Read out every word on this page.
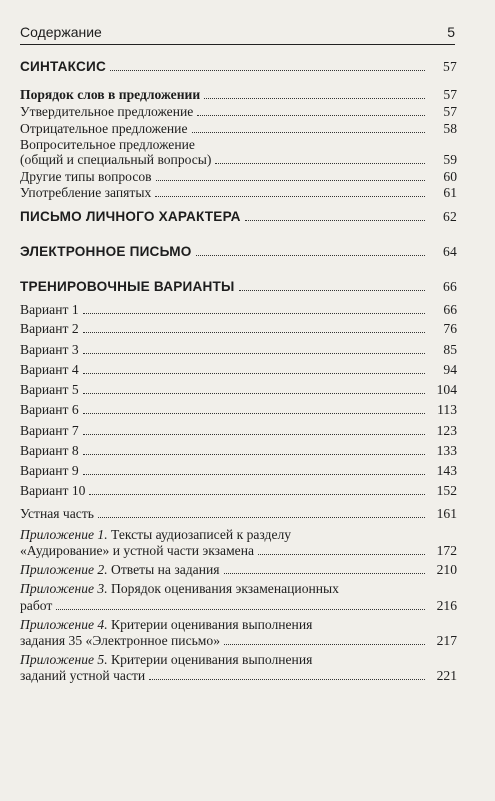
Содержание	5
СИНТАКСИС	57
Порядок слов в предложении	57
Утвердительное предложение	57
Отрицательное предложение	58
Вопросительное предложение
(общий и специальный вопросы)	59
Другие типы вопросов	60
Употребление запятых	61
ПИСЬМО ЛИЧНОГО ХАРАКТЕРА	62
ЭЛЕКТРОННОЕ ПИСЬМО	64
ТРЕНИРОВОЧНЫЕ ВАРИАНТЫ	66
Вариант 1	66
Вариант 2	76
Вариант 3	85
Вариант 4	94
Вариант 5	104
Вариант 6	113
Вариант 7	123
Вариант 8	133
Вариант 9	143
Вариант 10	152
Устная часть	161
Приложение 1. Тексты аудиозаписей к разделу
«Аудирование» и устной части экзамена	172
Приложение 2. Ответы на задания	210
Приложение 3. Порядок оценивания экзаменационных
работ	216
Приложение 4. Критерии оценивания выполнения
задания 35 «Электронное письмо»	217
Приложение 5. Критерии оценивания выполнения
заданий устной части	221
